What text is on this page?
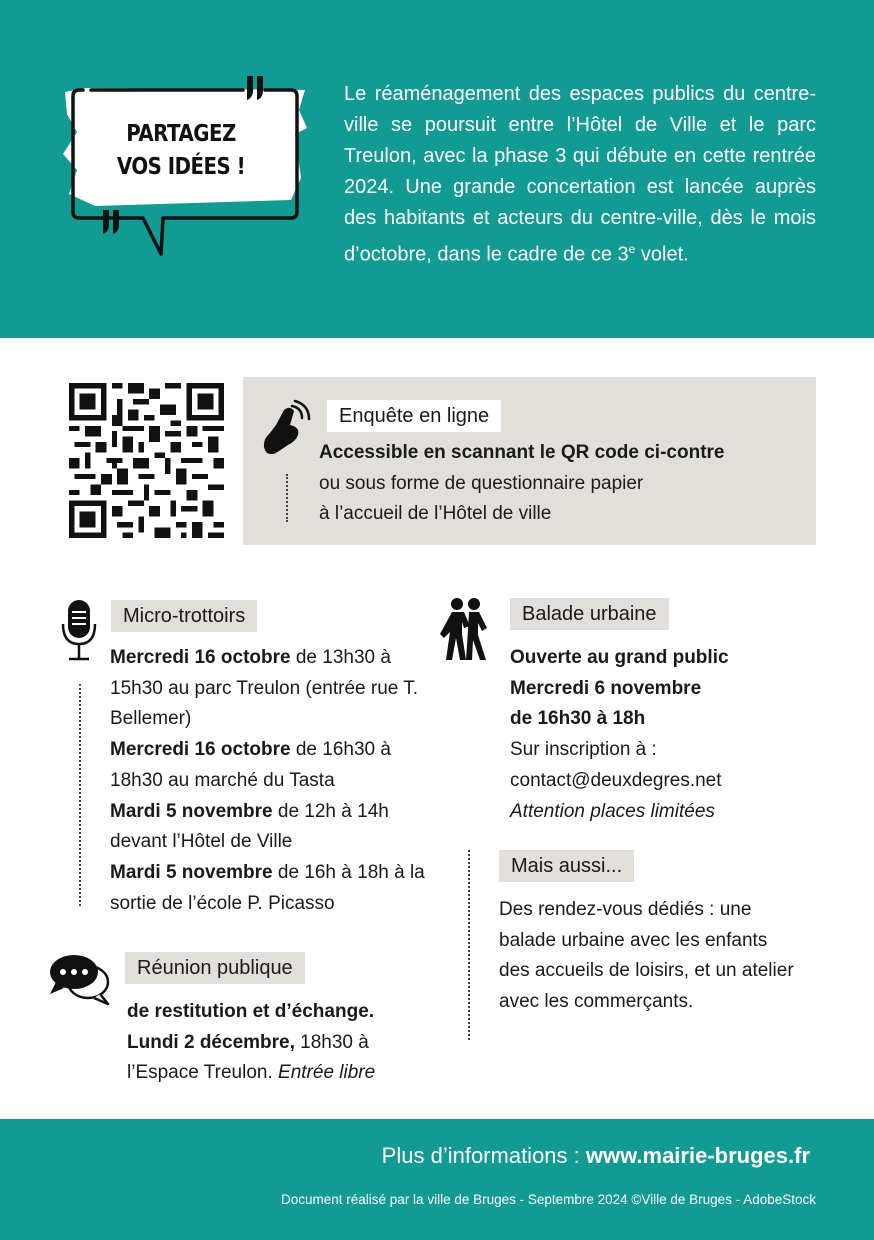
PARTAGEZ
VOS IDÉES !

Le réaménagement des espaces publics du centre-ville se poursuit entre l’Hôtel de Ville et le parc Treulon, avec la phase 3 qui débute en cette rentrée 2024. Une grande concertation est lancée auprès des habitants et acteurs du centre-ville, dès le mois d’octobre, dans le cadre de ce 3e volet.

Enquête en ligne

Accessible en scannant le QR code ci-contre
ou sous forme de questionnaire papier
à l’accueil de l’Hôtel de ville

Micro-trottoirs

Mercredi 16 octobre de 13h30 à 15h30 au parc Treulon (entrée rue T. Bellemer)
Mercredi 16 octobre de 16h30 à 18h30 au marché du Tasta
Mardi 5 novembre de 12h à 14h devant l’Hôtel de Ville
Mardi 5 novembre de 16h à 18h à la sortie de l’école P. Picasso

Réunion publique

de restitution et d’échange.
Lundi 2 décembre, 18h30 à l’Espace Treulon. Entrée libre

Balade urbaine

Ouverte au grand public
Mercredi 6 novembre
de 16h30 à 18h
Sur inscription à :
contact@deuxdegres.net
Attention places limitées

Mais aussi...

Des rendez-vous dédiés : une balade urbaine avec les enfants des accueils de loisirs, et un atelier avec les commerçants.

Plus d’informations : www.mairie-bruges.fr
Document réalisé par la ville de Bruges - Septembre 2024 ©Ville de Bruges - AdobeStock
